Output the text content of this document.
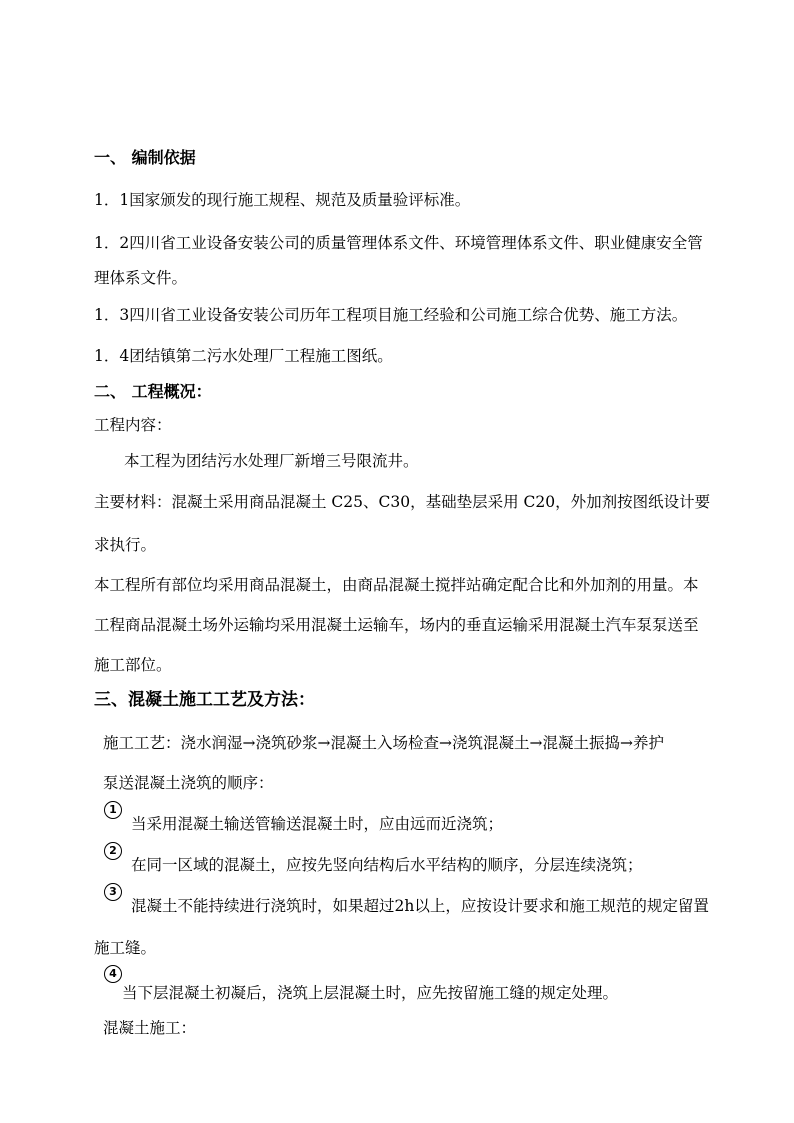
一、 编制依据
1．1国家颁发的现行施工规程、规范及质量验评标准。
1．2四川省工业设备安装公司的质量管理体系文件、环境管理体系文件、职业健康安全管
理体系文件。
1．3四川省工业设备安装公司历年工程项目施工经验和公司施工综合优势、施工方法。
1．4团结镇第二污水处理厂工程施工图纸。
二、 工程概况：
工程内容：
本工程为团结污水处理厂新增三号限流井。
主要材料：混凝土采用商品混凝土 C25、C30，基础垫层采用 C20，外加剂按图纸设计要
求执行。
本工程所有部位均采用商品混凝土，由商品混凝土搅拌站确定配合比和外加剂的用量。本
工程商品混凝土场外运输均采用混凝土运输车，场内的垂直运输采用混凝土汽车泵泵送至
施工部位。
三、混凝土施工工艺及方法：
施工工艺：浇水润湿→浇筑砂浆→混凝土入场检查→浇筑混凝土→混凝土振捣→养护
泵送混凝土浇筑的顺序：
1
当采用混凝土输送管输送混凝土时，应由远而近浇筑；
2
在同一区域的混凝土，应按先竖向结构后水平结构的顺序，分层连续浇筑；
3
混凝土不能持续进行浇筑时，如果超过2h以上，应按设计要求和施工规范的规定留置
施工缝。
4
当下层混凝土初凝后，浇筑上层混凝土时，应先按留施工缝的规定处理。
混凝土施工：
